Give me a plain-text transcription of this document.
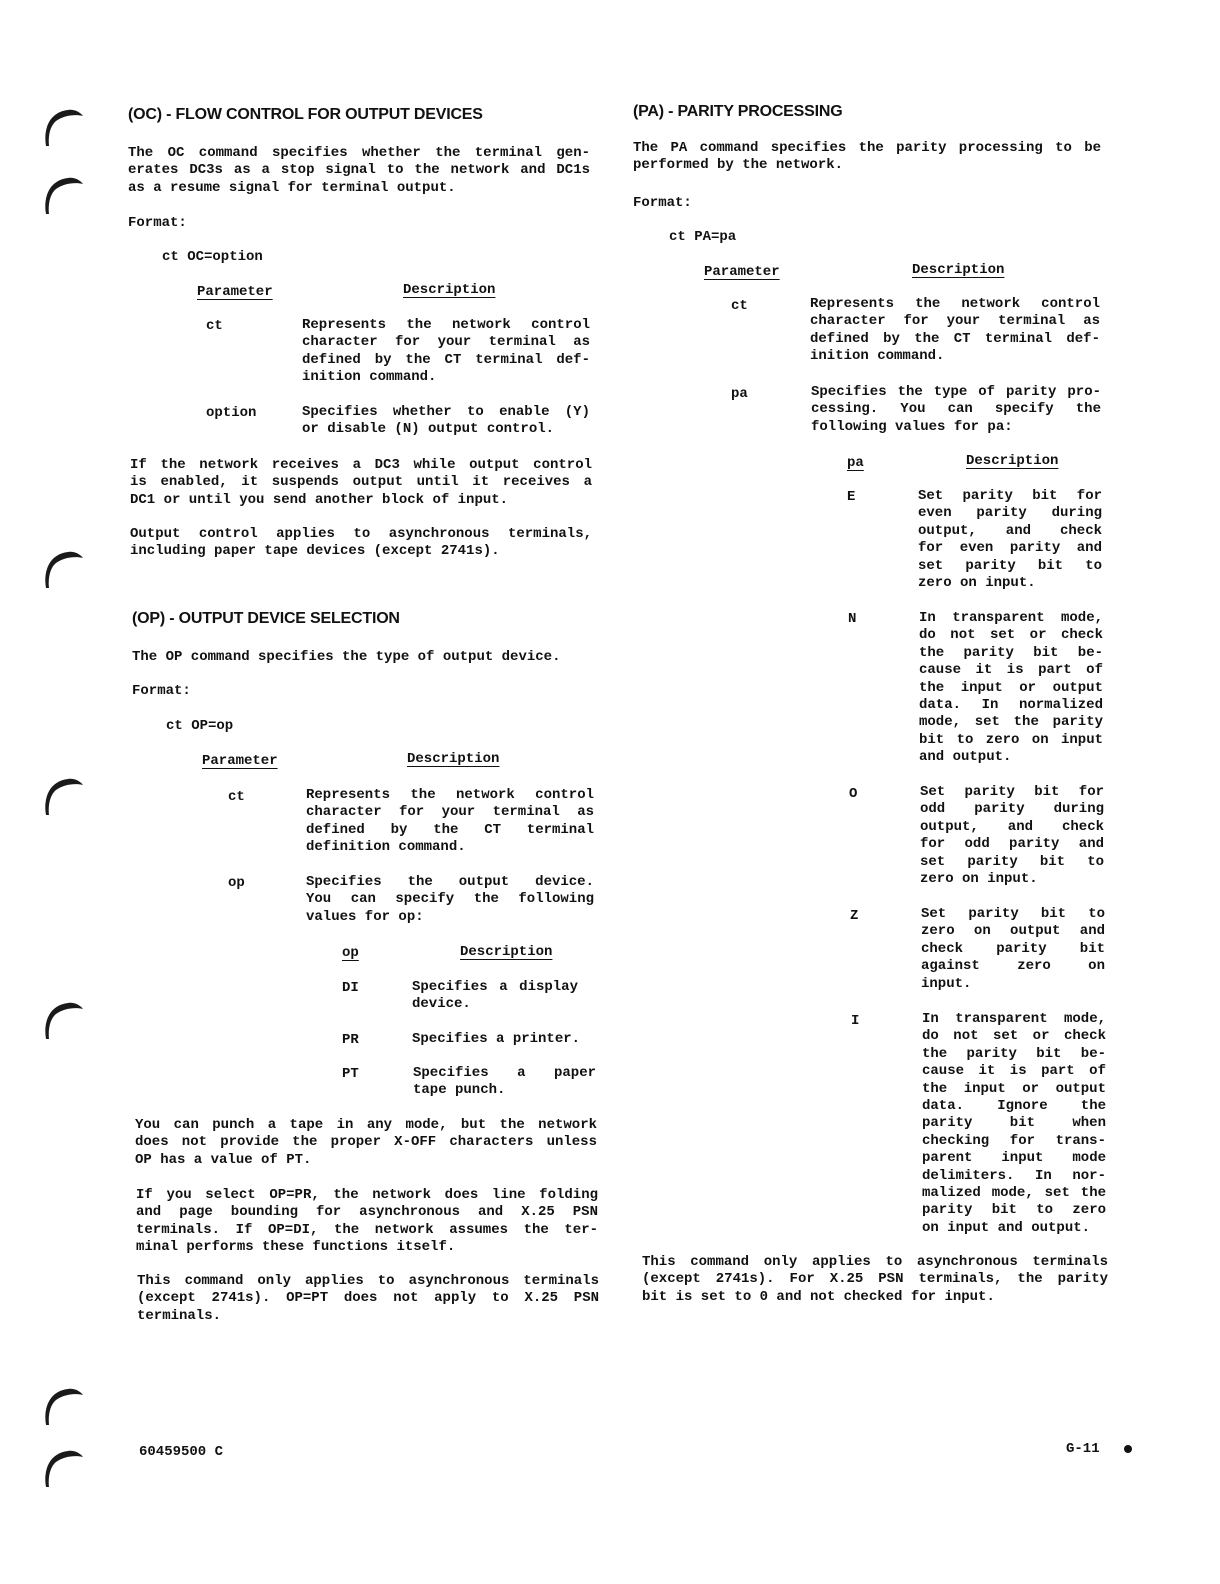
(OC) - FLOW CONTROL FOR OUTPUT DEVICES
The OC command specifies whether the terminal gen-
erates DC3s as a stop signal to the network and DC1s
as a resume signal for terminal output.
Format:
ct OC=option
Parameter	Description
ct	Represents the network control
character for your terminal as
defined by the CT terminal def-
inition command.
option	Specifies whether to enable (Y)
or disable (N) output control.
If the network receives a DC3 while output control
is enabled, it suspends output until it receives a
DC1 or until you send another block of input.
Output control applies to asynchronous terminals,
including paper tape devices (except 2741s).
(OP) - OUTPUT DEVICE SELECTION
The OP command specifies the type of output device.
Format:
ct OP=op
Parameter	Description
ct	Represents the network control
character for your terminal as
defined by the CT terminal
definition command.
op	Specifies the output device.
You can specify the following
values for op:
op	Description
DI	Specifies a display
device.
PR	Specifies a printer.
PT	Specifies a paper
tape punch.
You can punch a tape in any mode, but the network
does not provide the proper X-OFF characters unless
OP has a value of PT.
If you select OP=PR, the network does line folding
and page bounding for asynchronous and X.25 PSN
terminals. If OP=DI, the network assumes the ter-
minal performs these functions itself.
This command only applies to asynchronous terminals
(except 2741s). OP=PT does not apply to X.25 PSN
terminals.
(PA) - PARITY PROCESSING
The PA command specifies the parity processing to be
performed by the network.
Format:
ct PA=pa
Parameter	Description
ct	Represents the network control
character for your terminal as
defined by the CT terminal def-
inition command.
pa	Specifies the type of parity pro-
cessing. You can specify the
following values for pa:
pa	Description
E	Set parity bit for
even parity during
output, and check
for even parity and
set parity bit to
zero on input.
N	In transparent mode,
do not set or check
the parity bit be-
cause it is part of
the input or output
data. In normalized
mode, set the parity
bit to zero on input
and output.
O	Set parity bit for
odd parity during
output, and check
for odd parity and
set parity bit to
zero on input.
Z	Set parity bit to
zero on output and
check parity bit
against zero on
input.
I	In transparent mode,
do not set or check
the parity bit be-
cause it is part of
the input or output
data. Ignore the
parity bit when
checking for trans-
parent input mode
delimiters. In nor-
malized mode, set the
parity bit to zero
on input and output.
This command only applies to asynchronous terminals
(except 2741s). For X.25 PSN terminals, the parity
bit is set to 0 and not checked for input.
60459500 C	G-11
